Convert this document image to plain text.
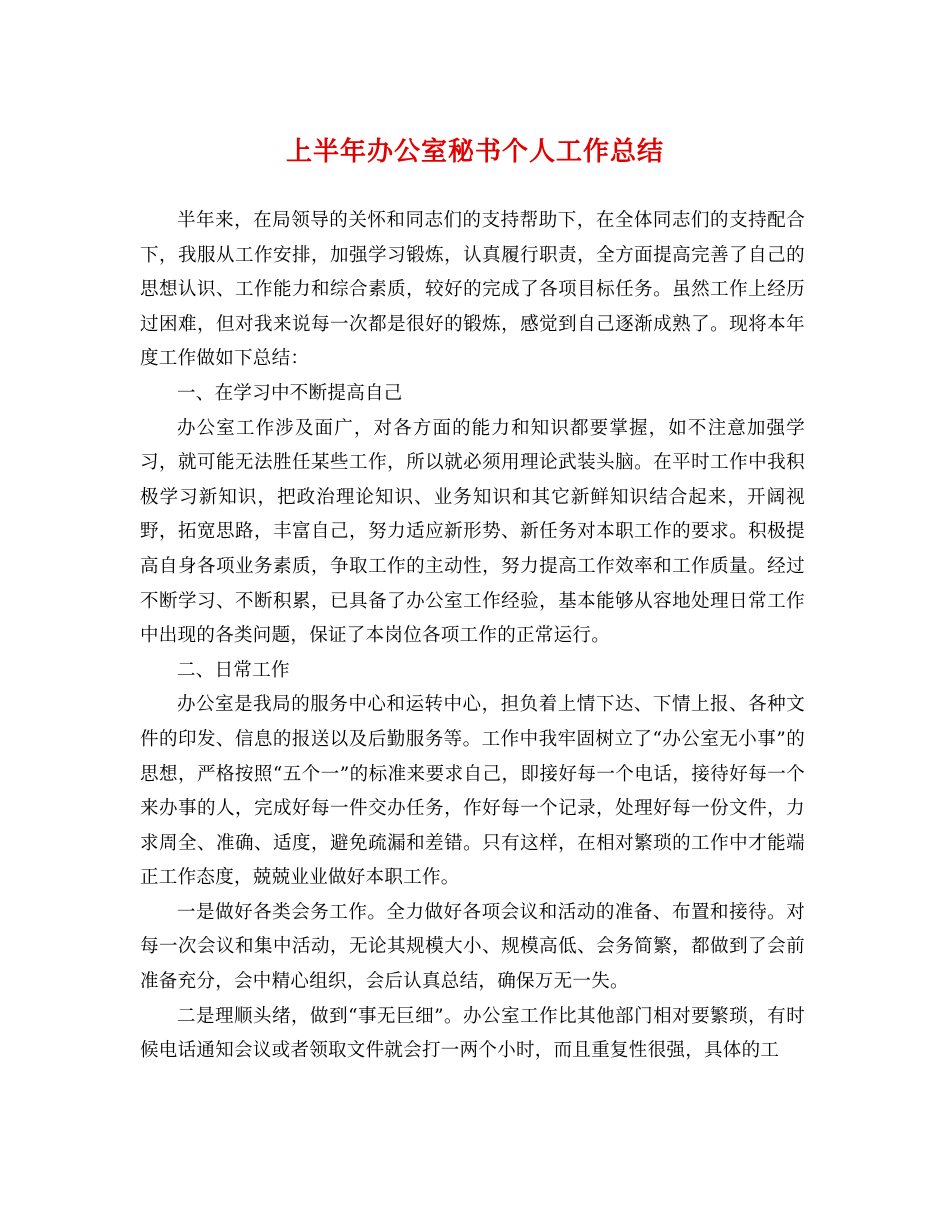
上半年办公室秘书个人工作总结

半年来，在局领导的关怀和同志们的支持帮助下，在全体同志们的支持配合下，我服从工作安排，加强学习锻炼，认真履行职责，全方面提高完善了自己的思想认识、工作能力和综合素质，较好的完成了各项目标任务。虽然工作上经历过困难，但对我来说每一次都是很好的锻炼，感觉到自己逐渐成熟了。现将本年度工作做如下总结：

一、在学习中不断提高自己

办公室工作涉及面广，对各方面的能力和知识都要掌握，如不注意加强学习，就可能无法胜任某些工作，所以就必须用理论武装头脑。在平时工作中我积极学习新知识，把政治理论知识、业务知识和其它新鲜知识结合起来，开阔视野，拓宽思路，丰富自己，努力适应新形势、新任务对本职工作的要求。积极提高自身各项业务素质，争取工作的主动性，努力提高工作效率和工作质量。经过不断学习、不断积累，已具备了办公室工作经验，基本能够从容地处理日常工作中出现的各类问题，保证了本岗位各项工作的正常运行。

二、日常工作

办公室是我局的服务中心和运转中心，担负着上情下达、下情上报、各种文件的印发、信息的报送以及后勤服务等。工作中我牢固树立了“办公室无小事”的思想，严格按照“五个一”的标准来要求自己，即接好每一个电话，接待好每一个来办事的人，完成好每一件交办任务，作好每一个记录，处理好每一份文件，力求周全、准确、适度，避免疏漏和差错。只有这样，在相对繁琐的工作中才能端正工作态度，兢兢业业做好本职工作。

一是做好各类会务工作。全力做好各项会议和活动的准备、布置和接待。对每一次会议和集中活动，无论其规模大小、规模高低、会务简繁，都做到了会前准备充分，会中精心组织，会后认真总结，确保万无一失。

二是理顺头绪，做到“事无巨细”。办公室工作比其他部门相对要繁琐，有时候电话通知会议或者领取文件就会打一两个小时，而且重复性很强，具体的工
